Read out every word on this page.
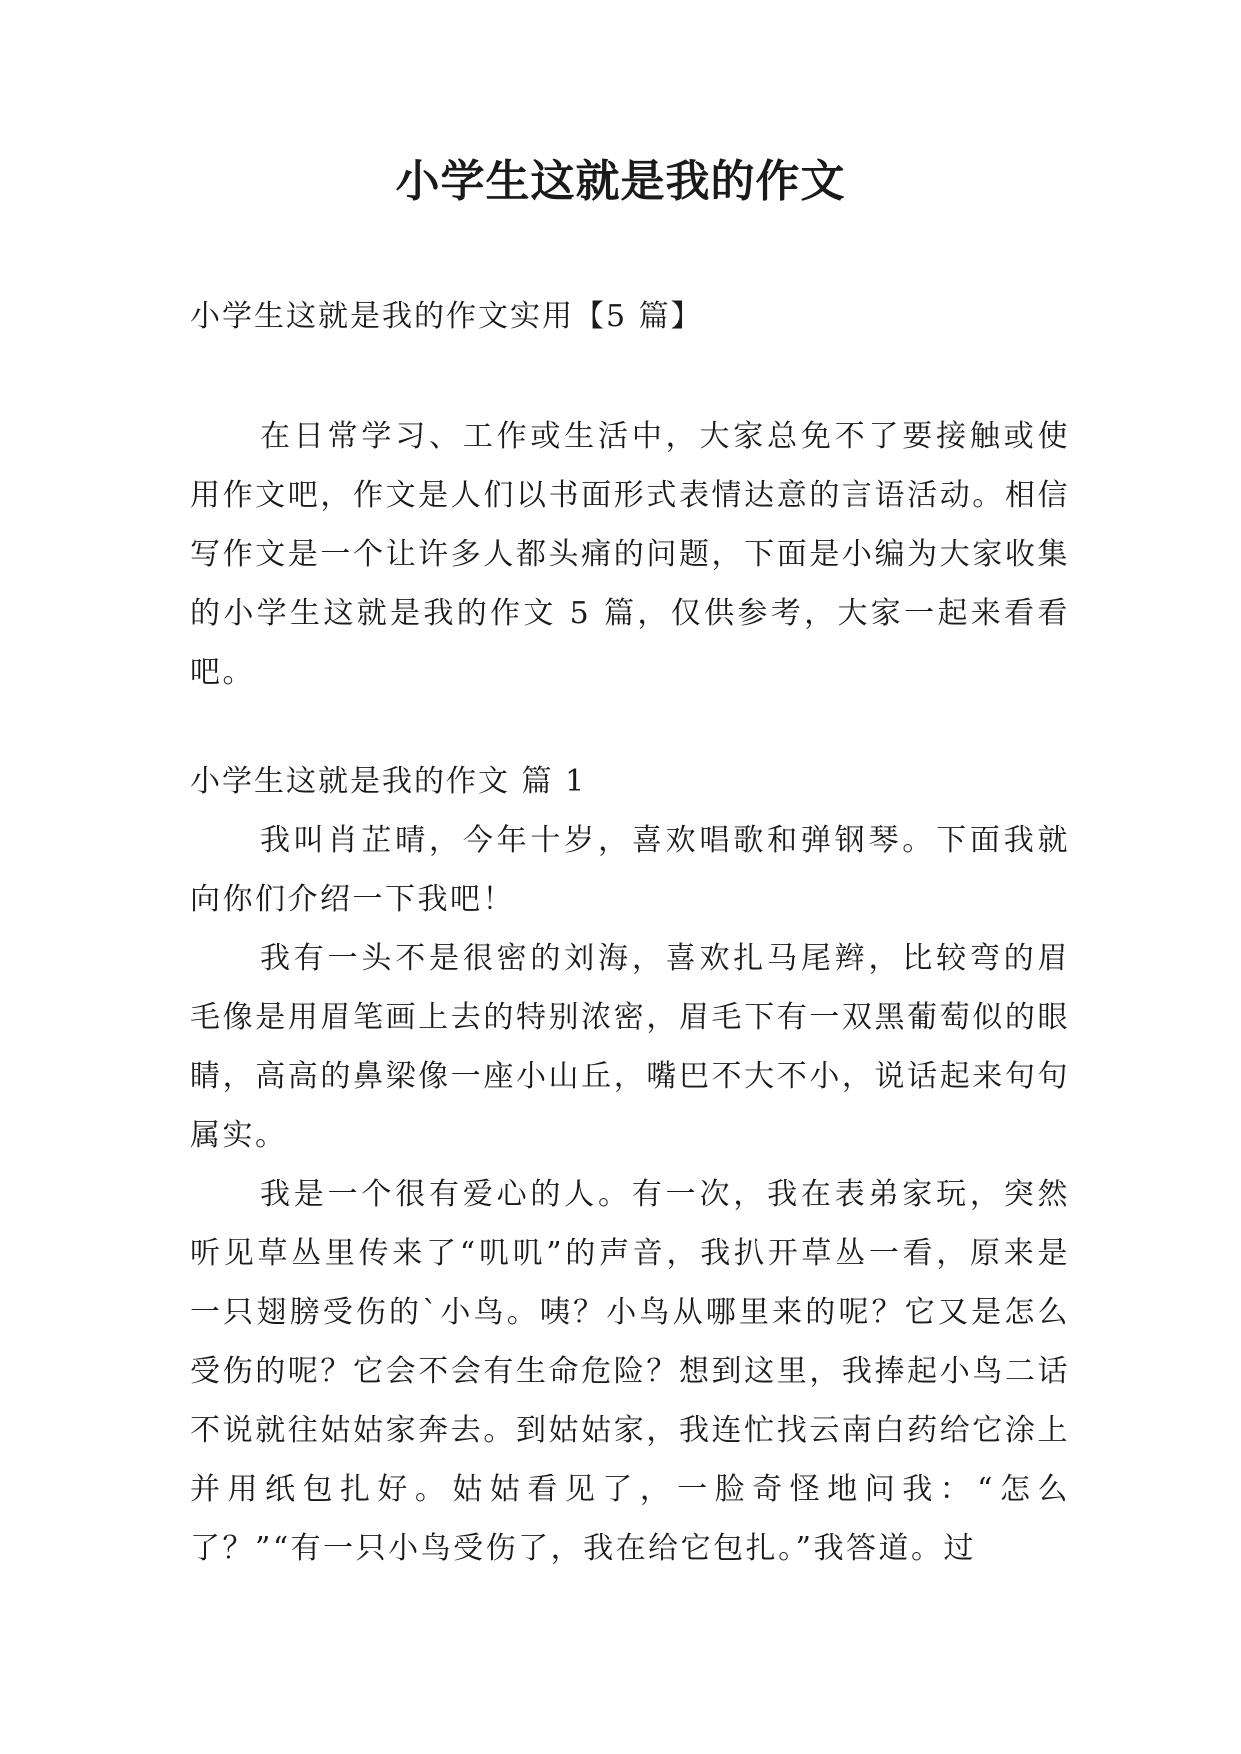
小学生这就是我的作文

小学生这就是我的作文实用【5 篇】

在日常学习、工作或生活中，大家总免不了要接触或使用作文吧，作文是人们以书面形式表情达意的言语活动。相信写作文是一个让许多人都头痛的问题，下面是小编为大家收集的小学生这就是我的作文 5 篇，仅供参考，大家一起来看看吧。

小学生这就是我的作文 篇 1

我叫肖芷晴，今年十岁，喜欢唱歌和弹钢琴。下面我就向你们介绍一下我吧！

我有一头不是很密的刘海，喜欢扎马尾辫，比较弯的眉毛像是用眉笔画上去的特别浓密，眉毛下有一双黑葡萄似的眼睛，高高的鼻梁像一座小山丘，嘴巴不大不小，说话起来句句属实。

我是一个很有爱心的人。有一次，我在表弟家玩，突然听见草丛里传来了“叽叽”的声音，我扒开草丛一看，原来是一只翅膀受伤的`小鸟。咦？小鸟从哪里来的呢？它又是怎么受伤的呢？它会不会有生命危险？想到这里，我捧起小鸟二话不说就往姑姑家奔去。到姑姑家，我连忙找云南白药给它涂上并用纸包扎好。姑姑看见了，一脸奇怪地问我：“怎么了？”“有一只小鸟受伤了，我在给它包扎。”我答道。过
